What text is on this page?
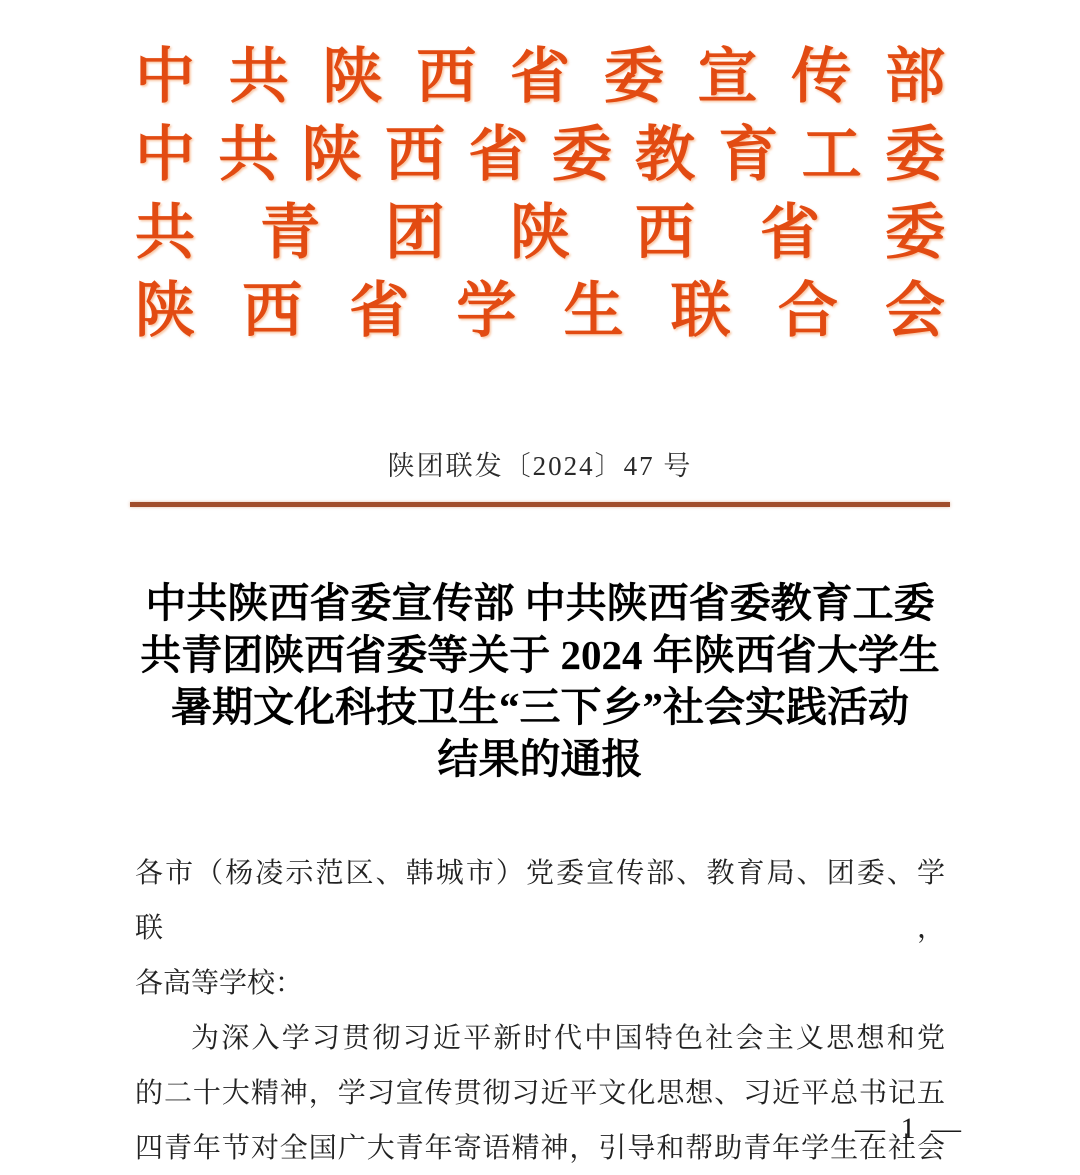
中 共 陕 西 省 委 宣 传 部
中 共 陕 西 省 委 教 育 工 委
共 青 团 陕 西 省 委
陕 西 省 学 生 联 合 会
陕团联发〔2024〕47 号
中共陕西省委宣传部 中共陕西省委教育工委
共青团陕西省委等关于 2024 年陕西省大学生
暑期文化科技卫生“三下乡”社会实践活动
结果的通报
各市（杨凌示范区、韩城市）党委宣传部、教育局、团委、学联，
各高等学校：
为深入学习贯彻习近平新时代中国特色社会主义思想和党
的二十大精神，学习宣传贯彻习近平文化思想、习近平总书记五
四青年节对全国广大青年寄语精神，引导和帮助青年学生在社会
— 1 —
